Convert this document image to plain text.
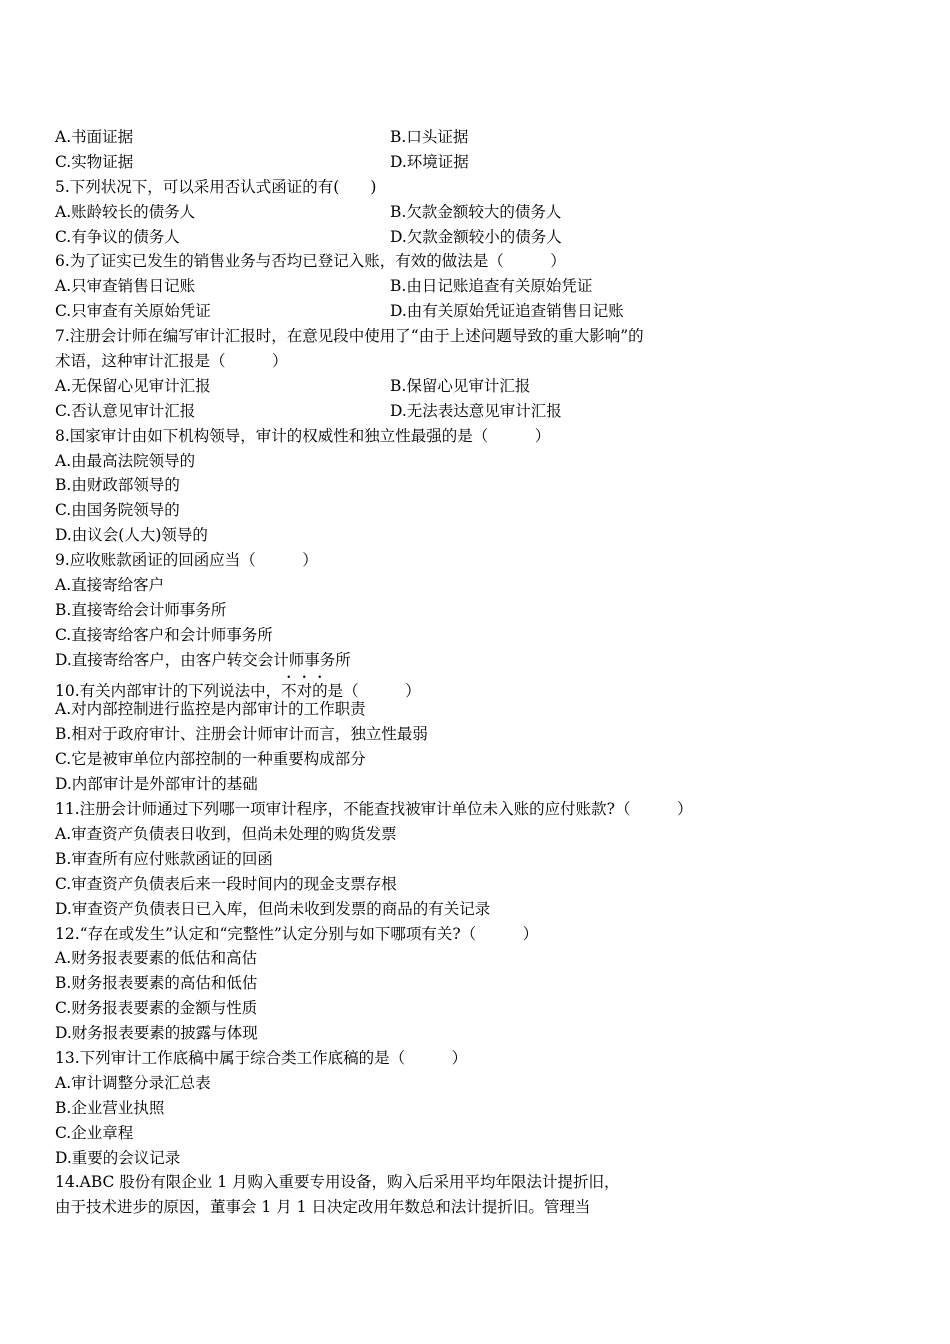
A.书面证据	B.口头证据
C.实物证据	D.环境证据
5.下列状况下，可以采用否认式函证的有(　　)
A.账龄较长的债务人	B.欠款金额较大的债务人
C.有争议的债务人	D.欠款金额较小的债务人
6.为了证实已发生的销售业务与否均已登记入账，有效的做法是（　　　）
A.只审查销售日记账	B.由日记账追查有关原始凭证
C.只审查有关原始凭证	D.由有关原始凭证追查销售日记账
7.注册会计师在编写审计汇报时，在意见段中使用了“由于上述问题导致的重大影响”的
术语，这种审计汇报是（　　　）
A.无保留心见审计汇报	B.保留心见审计汇报
C.否认意见审计汇报	D.无法表达意见审计汇报
8.国家审计由如下机构领导，审计的权威性和独立性最强的是（　　　）
A.由最高法院领导的
B.由财政部领导的
C.由国务院领导的
D.由议会(人大)领导的
9.应收账款函证的回函应当（　　　）
A.直接寄给客户
B.直接寄给会计师事务所
C.直接寄给客户和会计师事务所
D.直接寄给客户，由客户转交会计师事务所
10.有关内部审计的下列说法中，不对的是（　　　）
A.对内部控制进行监控是内部审计的工作职责
B.相对于政府审计、注册会计师审计而言，独立性最弱
C.它是被审单位内部控制的一种重要构成部分
D.内部审计是外部审计的基础
11.注册会计师通过下列哪一项审计程序，不能查找被审计单位未入账的应付账款?（　　　）
A.审查资产负债表日收到，但尚未处理的购货发票
B.审查所有应付账款函证的回函
C.审查资产负债表后来一段时间内的现金支票存根
D.审查资产负债表日已入库，但尚未收到发票的商品的有关记录
12.“存在或发生”认定和“完整性”认定分别与如下哪项有关?（　　　）
A.财务报表要素的低估和高估
B.财务报表要素的高估和低估
C.财务报表要素的金额与性质
D.财务报表要素的披露与体现
13.下列审计工作底稿中属于综合类工作底稿的是（　　　）
A.审计调整分录汇总表
B.企业营业执照
C.企业章程
D.重要的会议记录
14.ABC 股份有限企业 1 月购入重要专用设备，购入后采用平均年限法计提折旧，
由于技术进步的原因，董事会 1 月 1 日决定改用年数总和法计提折旧。管理当
